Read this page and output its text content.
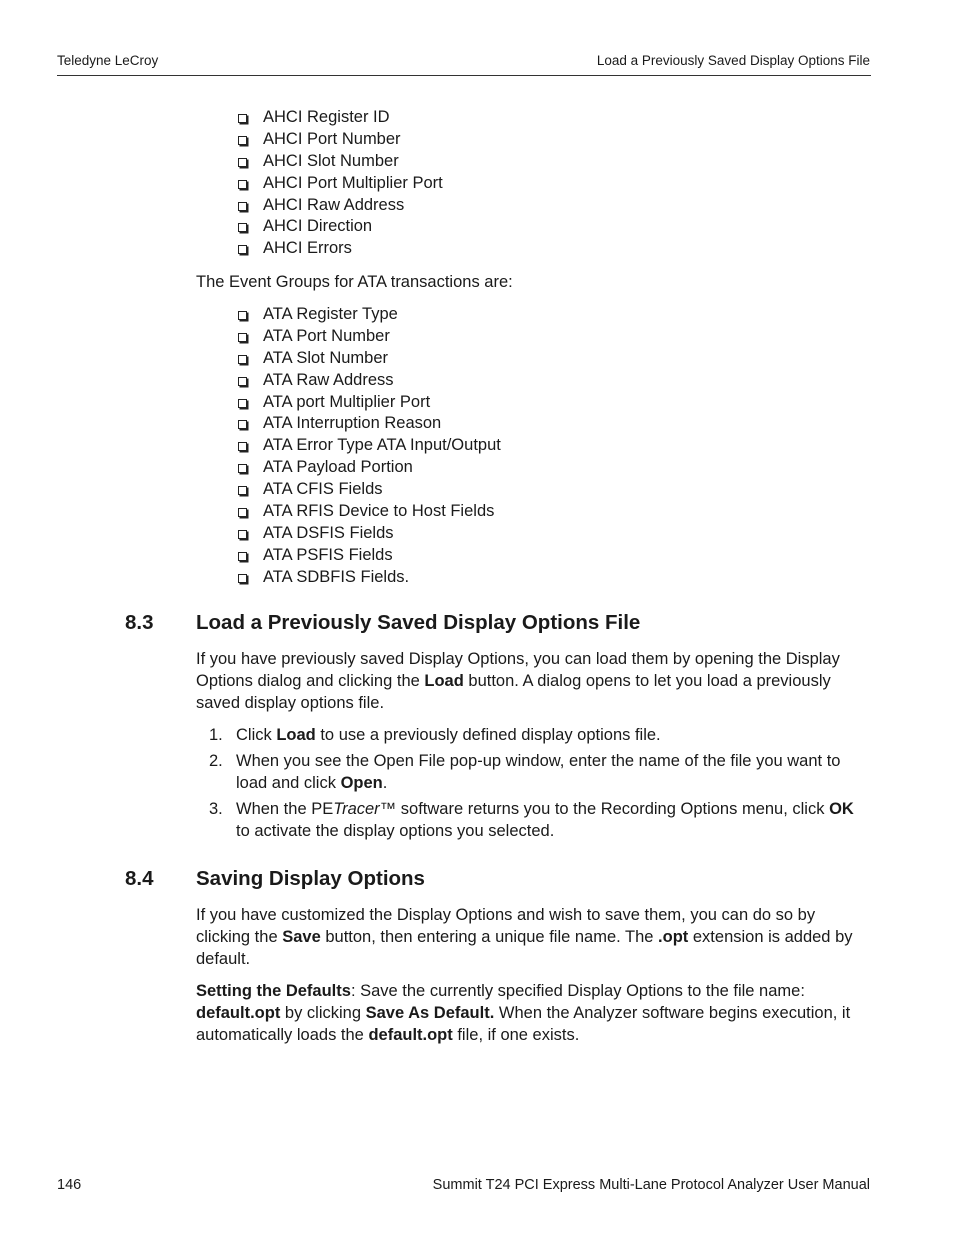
Teledyne LeCroy	Load a Previously Saved Display Options File
AHCI Register ID
AHCI Port Number
AHCI Slot Number
AHCI Port Multiplier Port
AHCI Raw Address
AHCI Direction
AHCI Errors

The Event Groups for ATA transactions are:

ATA Register Type
ATA Port Number
ATA Slot Number
ATA Raw Address
ATA port Multiplier Port
ATA Interruption Reason
ATA Error Type ATA Input/Output
ATA Payload Portion
ATA CFIS Fields
ATA RFIS Device to Host Fields
ATA DSFIS Fields
ATA PSFIS Fields
ATA SDBFIS Fields.
8.3 Load a Previously Saved Display Options File

If you have previously saved Display Options, you can load them by opening the Display Options dialog and clicking the Load button. A dialog opens to let you load a previously saved display options file.

1. Click Load to use a previously defined display options file.
2. When you see the Open File pop-up window, enter the name of the file you want to load and click Open.
3. When the PETracer™ software returns you to the Recording Options menu, click OK to activate the display options you selected.
8.4 Saving Display Options

If you have customized the Display Options and wish to save them, you can do so by clicking the Save button, then entering a unique file name. The .opt extension is added by default.

Setting the Defaults: Save the currently specified Display Options to the file name: default.opt by clicking Save As Default. When the Analyzer software begins execution, it automatically loads the default.opt file, if one exists.

146	Summit T24 PCI Express Multi-Lane Protocol Analyzer User Manual
